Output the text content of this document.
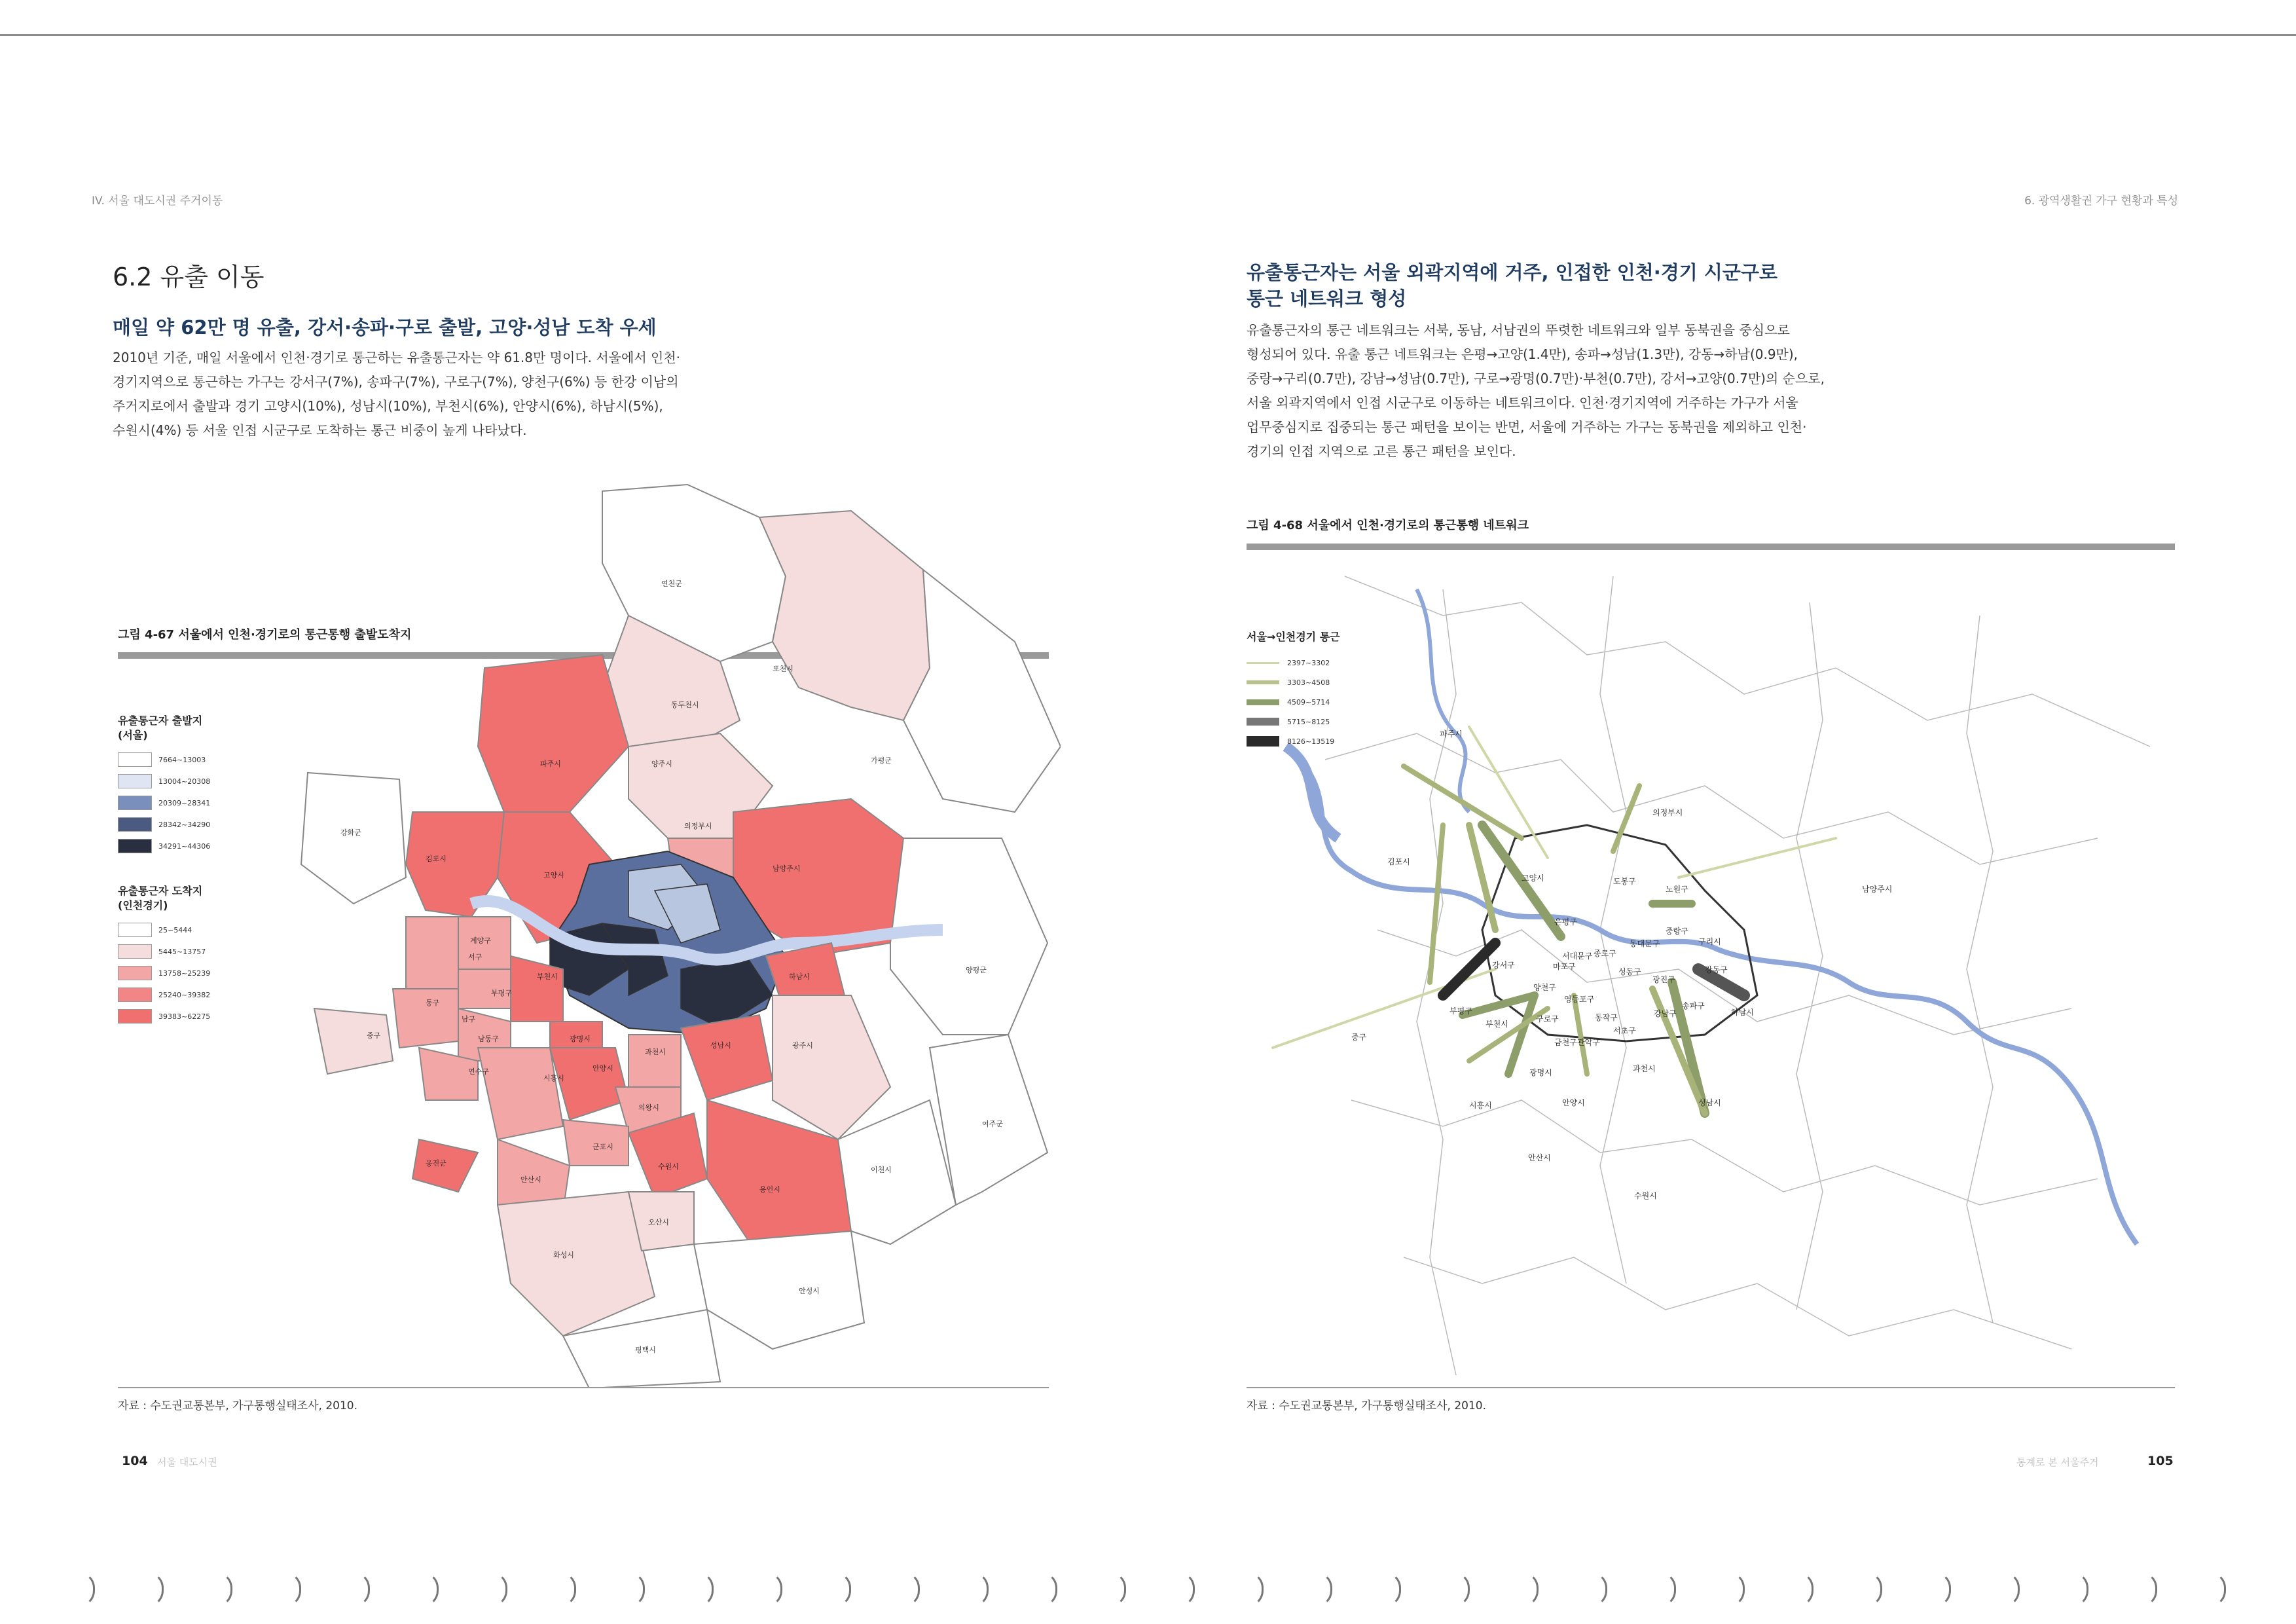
IV. 서울 대도시권 주거이동
6.2 유출 이동
매일 약 62만 명 유출, 강서·송파·구로 출발, 고양·성남 도착 우세
2010년 기준, 매일 서울에서 인천·경기로 통근하는 유출통근자는 약 61.8만 명이다. 서울에서 인천·
경기지역으로 통근하는 가구는 강서구(7%), 송파구(7%), 구로구(7%), 양천구(6%) 등 한강 이남의
주거지로에서 출발과 경기 고양시(10%), 성남시(10%), 부천시(6%), 안양시(6%), 하남시(5%),
수원시(4%) 등 서울 인접 시군구로 도착하는 통근 비중이 높게 나타났다.
그림 4-67 서울에서 인천·경기로의 통근통행 출발도착지
연천군
포천시
동두천시
가평군
파주시	양주시
의정부시
김포시
강화군
고양시
남양주시
양평군
하남시
계양구
서구
부평구
부천시
동구
남구
남동구
연수구
중구	광명시
시흥시
안양시
과천시
성남시	광주시
의왕시
군포시
수원시
안산시
옹진군
용인시
이천시
여주군
화성시
오산시
안성시
평택시
유출통근자 출발지(서울)
7664~13003
13004~20308
20309~28341
28342~34290
34291~44306
유출통근자 도착지(인천경기)
25~5444
5445~13757
13758~25239
25240~39382
39383~62275
자료 : 수도권교통본부, 가구통행실태조사, 2010.
104 서울 대도시권
6. 광역생활권 가구 현황과 특성
유출통근자는 서울 외곽지역에 거주, 인접한 인천·경기 시군구로
통근 네트워크 형성
유출통근자의 통근 네트워크는 서북, 동남, 서남권의 뚜렷한 네트워크와 일부 동북권을 중심으로
형성되어 있다. 유출 통근 네트워크는 은평→고양(1.4만), 송파→성남(1.3만), 강동→하남(0.9만),
중랑→구리(0.7만), 강남→성남(0.7만), 구로→광명(0.7만)·부천(0.7만), 강서→고양(0.7만)의 순으로,
서울 외곽지역에서 인접 시군구로 이동하는 네트워크이다. 인천·경기지역에 거주하는 가구가 서울
업무중심지로 집중되는 통근 패턴을 보이는 반면, 서울에 거주하는 가구는 동북권을 제외하고 인천·
경기의 인접 지역으로 고른 통근 패턴을 보인다.
그림 4-68 서울에서 인천·경기로의 통근통행 네트워크
파주시
의정부시
김포시
고양시
남양주시
은평구
도봉구
노원구
종로구
동대문구	구리시
중랑구
강서구	마포구
서대문구
성동구
광진구
강동구
하남시
양천구
구로구
영등포구
동작구	강남구
송파구
부평구
부천시
서초구
관악구
금천구
광명시	과천시
중구
시흥시	안양시	성남시
안산시
수원시
서울→인천경기 통근
2397~3302
3303~4508
4509~5714
5715~8125
8126~13519
자료 : 수도권교통본부, 가구통행실태조사, 2010.
통계로 본 서울주거	105
